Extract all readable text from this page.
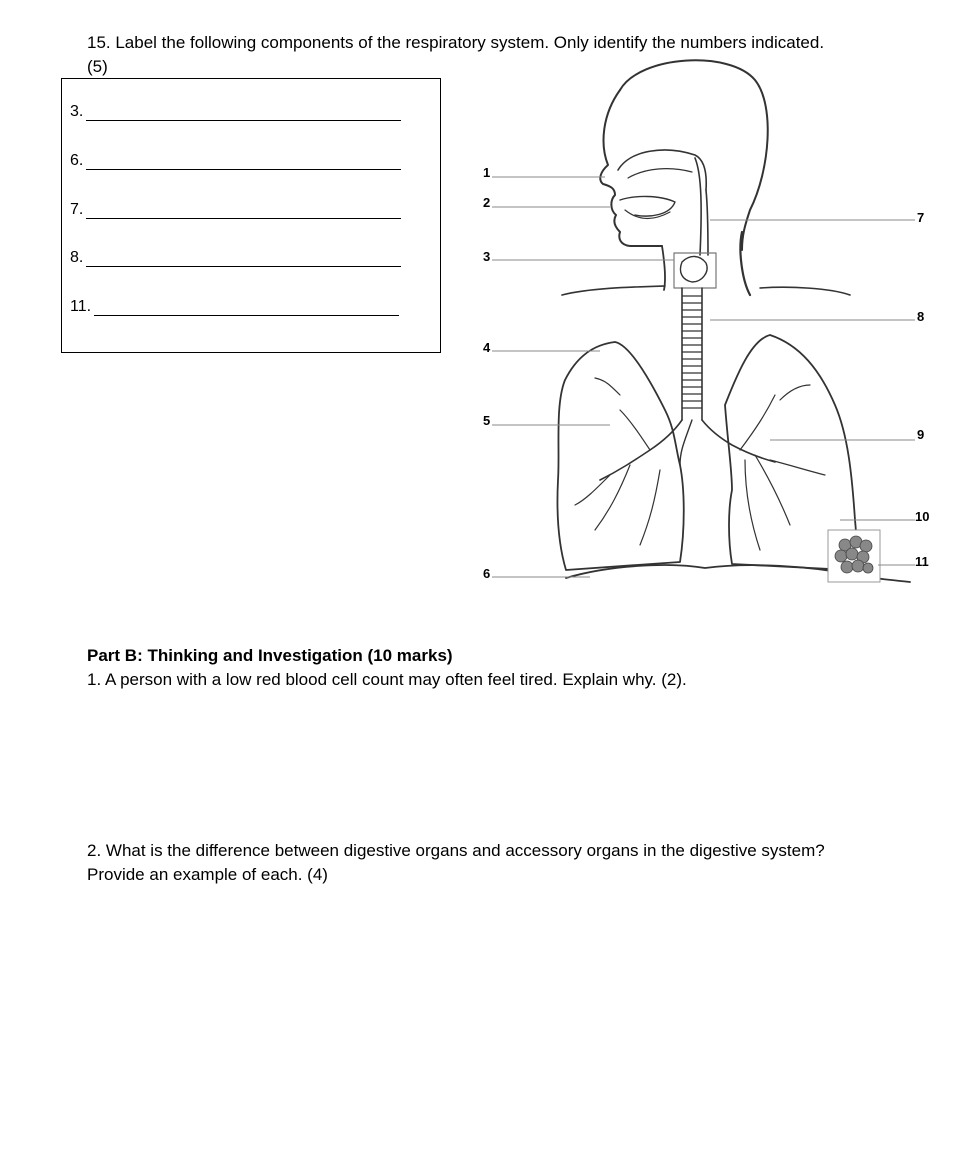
15. Label the following components of the respiratory system. Only identify the numbers indicated. (5)
3.
6.
7.
8.
11.
1
2
3
4
5
6
7
8
9
10
11
Part B: Thinking and Investigation (10 marks)
1. A person with a low red blood cell count may often feel tired. Explain why. (2).
2. What is the difference between digestive organs and accessory organs in the digestive system? Provide an example of each. (4)
